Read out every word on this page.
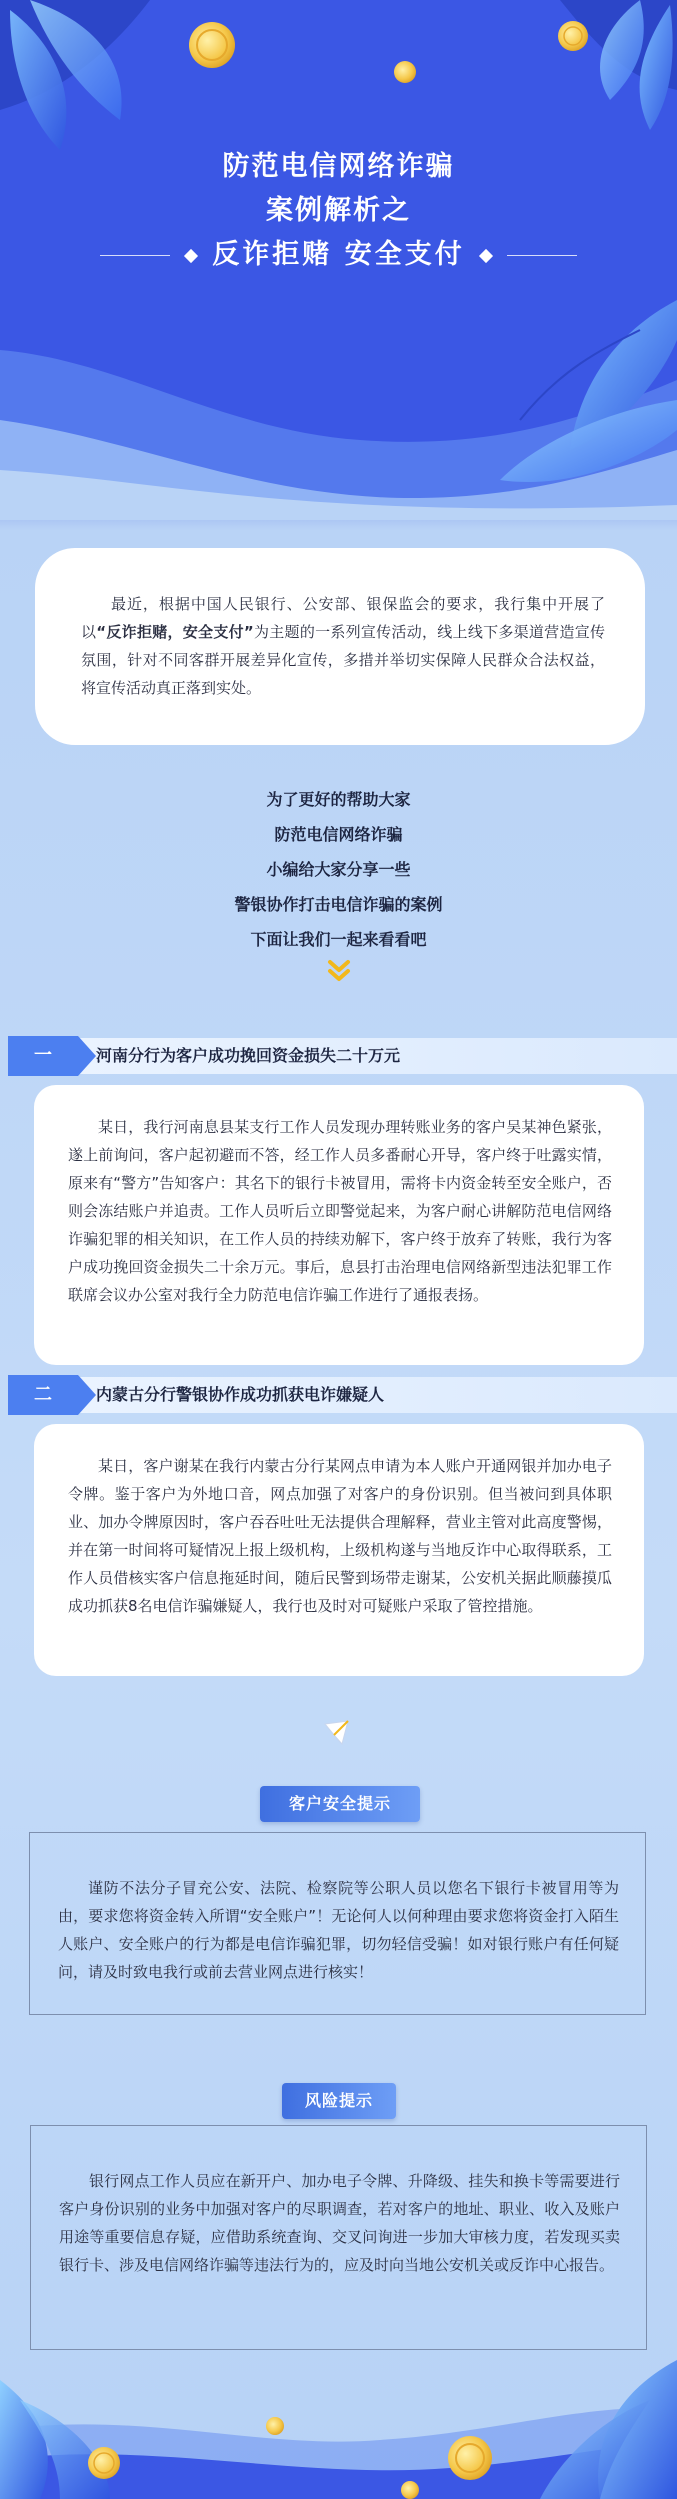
防范电信网络诈骗
案例解析之
反诈拒赌 安全支付

最近，根据中国人民银行、公安部、银保监会的要求，我行集中开展了以“反诈拒赌，安全支付”为主题的一系列宣传活动，线上线下多渠道营造宣传氛围，针对不同客群开展差异化宣传，多措并举切实保障人民群众合法权益，将宣传活动真正落到实处。

为了更好的帮助大家
防范电信网络诈骗
小编给大家分享一些
警银协作打击电信诈骗的案例
下面让我们一起来看看吧
一	河南分行为客户成功挽回资金损失二十万元

某日，我行河南息县某支行工作人员发现办理转账业务的客户吴某神色紧张，遂上前询问，客户起初避而不答，经工作人员多番耐心开导，客户终于吐露实情，原来有“警方”告知客户：其名下的银行卡被冒用，需将卡内资金转至安全账户，否则会冻结账户并追责。工作人员听后立即警觉起来，为客户耐心讲解防范电信网络诈骗犯罪的相关知识，在工作人员的持续劝解下，客户终于放弃了转账，我行为客户成功挽回资金损失二十余万元。事后，息县打击治理电信网络新型违法犯罪工作联席会议办公室对我行全力防范电信诈骗工作进行了通报表扬。

二	内蒙古分行警银协作成功抓获电诈嫌疑人

某日，客户谢某在我行内蒙古分行某网点申请为本人账户开通网银并加办电子令牌。鉴于客户为外地口音，网点加强了对客户的身份识别。但当被问到具体职业、加办令牌原因时，客户吞吞吐吐无法提供合理解释，营业主管对此高度警惕，并在第一时间将可疑情况上报上级机构，上级机构遂与当地反诈中心取得联系，工作人员借核实客户信息拖延时间，随后民警到场带走谢某，公安机关据此顺藤摸瓜成功抓获8名电信诈骗嫌疑人，我行也及时对可疑账户采取了管控措施。

谨防不法分子冒充公安、法院、检察院等公职人员以您名下银行卡被冒用等为由，要求您将资金转入所谓“安全账户”！无论何人以何种理由要求您将资金打入陌生人账户、安全账户的行为都是电信诈骗犯罪，切勿轻信受骗！如对银行账户有任何疑问，请及时致电我行或前去营业网点进行核实！

客户安全提示

银行网点工作人员应在新开户、加办电子令牌、升降级、挂失和换卡等需要进行客户身份识别的业务中加强对客户的尽职调查，若对客户的地址、职业、收入及账户用途等重要信息存疑，应借助系统查询、交叉问询进一步加大审核力度，若发现买卖银行卡、涉及电信网络诈骗等违法行为的，应及时向当地公安机关或反诈中心报告。

风险提示
